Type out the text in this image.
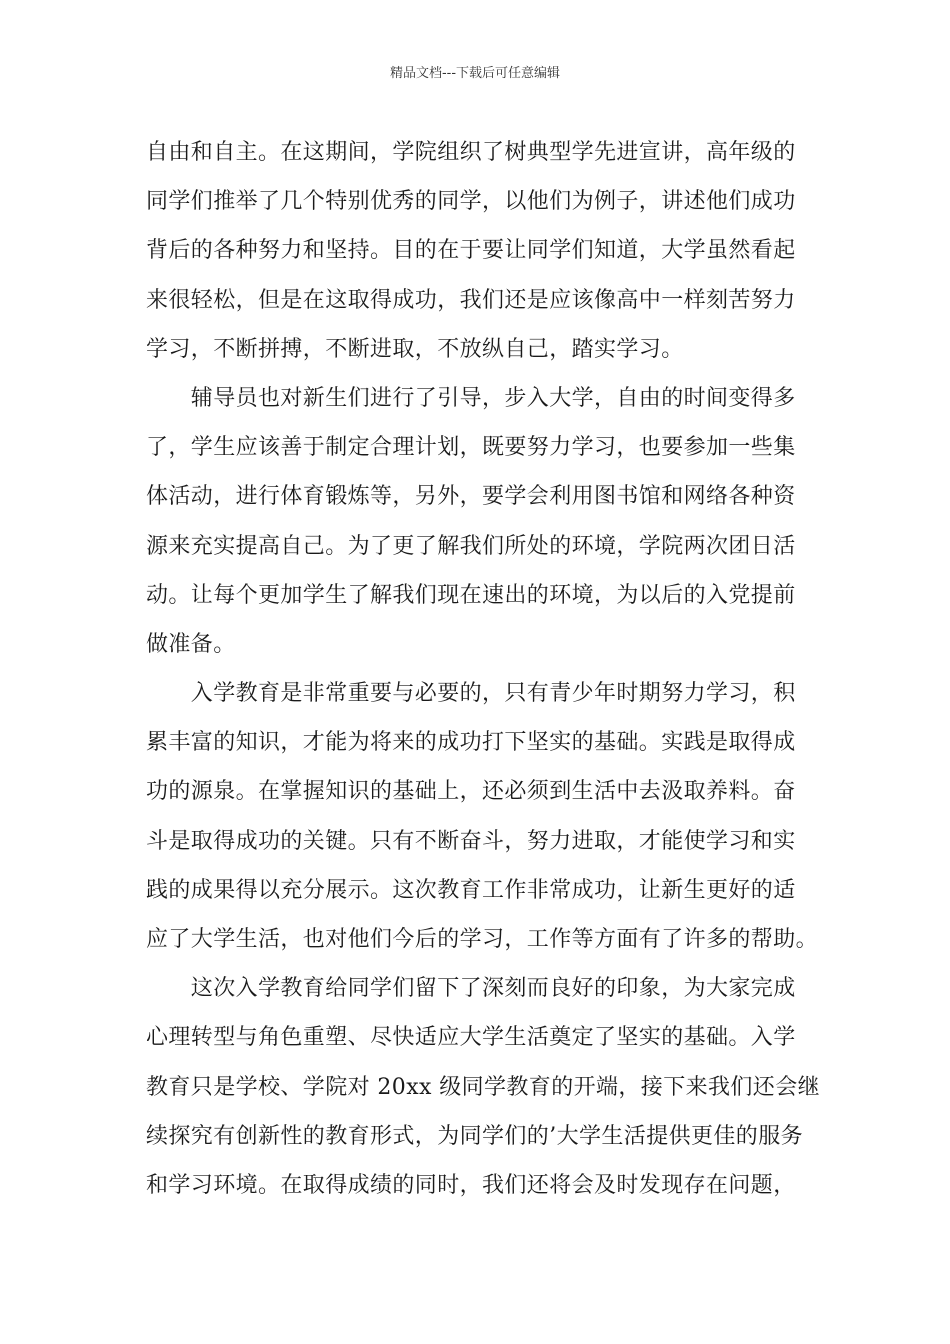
精品文档---下载后可任意编辑
自由和自主。在这期间，学院组织了树典型学先进宣讲，高年级的
同学们推举了几个特别优秀的同学，以他们为例子，讲述他们成功
背后的各种努力和坚持。目的在于要让同学们知道，大学虽然看起
来很轻松，但是在这取得成功，我们还是应该像高中一样刻苦努力
学习，不断拼搏，不断进取，不放纵自己，踏实学习。
　　辅导员也对新生们进行了引导，步入大学，自由的时间变得多
了，学生应该善于制定合理计划，既要努力学习，也要参加一些集
体活动，进行体育锻炼等，另外，要学会利用图书馆和网络各种资
源来充实提高自己。为了更了解我们所处的环境，学院两次团日活
动。让每个更加学生了解我们现在速出的环境，为以后的入党提前
做准备。
　　入学教育是非常重要与必要的，只有青少年时期努力学习，积
累丰富的知识，才能为将来的成功打下坚实的基础。实践是取得成
功的源泉。在掌握知识的基础上，还必须到生活中去汲取养料。奋
斗是取得成功的关键。只有不断奋斗，努力进取，才能使学习和实
践的成果得以充分展示。这次教育工作非常成功，让新生更好的适
应了大学生活，也对他们今后的学习，工作等方面有了许多的帮助。
　　这次入学教育给同学们留下了深刻而良好的印象，为大家完成
心理转型与角色重塑、尽快适应大学生活奠定了坚实的基础。入学
教育只是学校、学院对 20xx 级同学教育的开端，接下来我们还会继
续探究有创新性的教育形式，为同学们的’大学生活提供更佳的服务
和学习环境。在取得成绩的同时，我们还将会及时发现存在问题，
